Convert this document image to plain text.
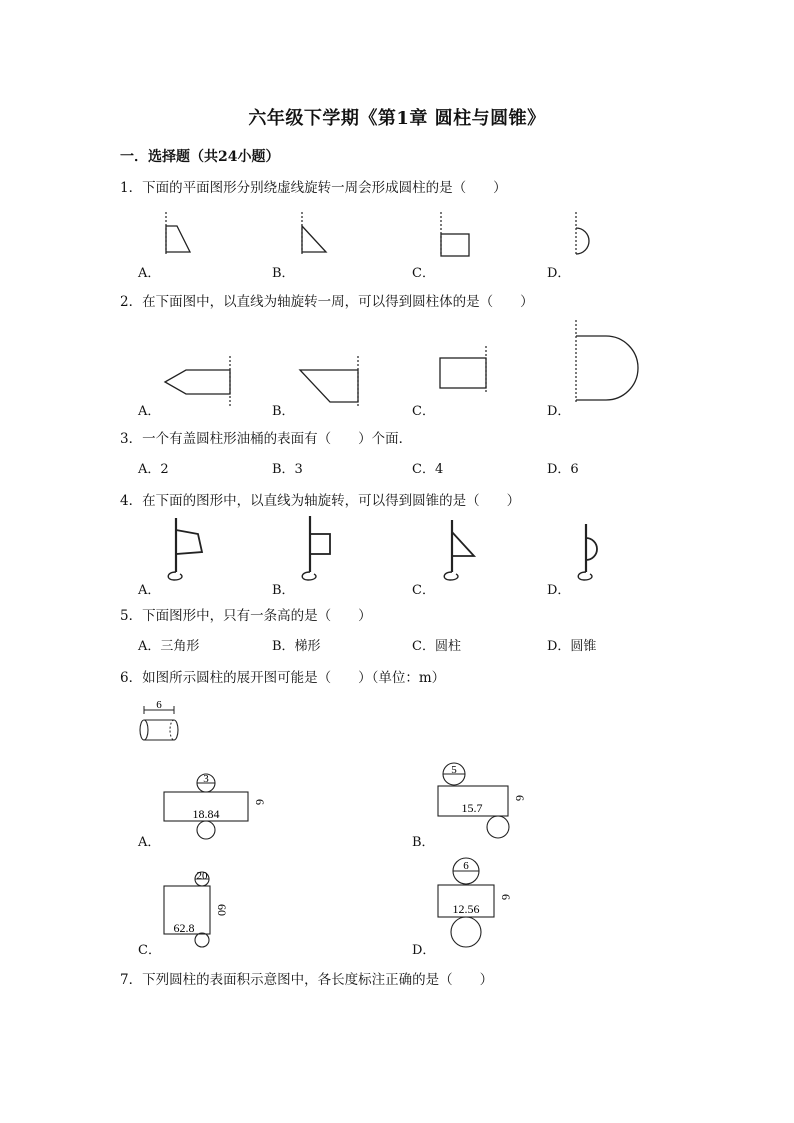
六年级下学期《第1章 圆柱与圆锥》
一．选择题（共24小题）
1．下面的平面图形分别绕虚线旋转一周会形成圆柱的是（　　）
A．	B．	C．	D．
2．在下面图中，以直线为轴旋转一周，可以得到圆柱体的是（　　）
A．	B．	C．	D．
3．一个有盖圆柱形油桶的表面有（　　）个面．
A．2	B．3	C．4	D．6
4．在下面的图形中，以直线为轴旋转，可以得到圆锥的是（　　）
A．	B．	C．	D．
5．下面图形中，只有一条高的是（　　）
A．三角形	B．梯形	C．圆柱	D．圆锥
6．如图所示圆柱的展开图可能是（　　）（单位：m）
6
3
18.84
6
5
15.7
6
20
62.8
60
6
12.56
6
A．	B．
C．	D．
7．下列圆柱的表面积示意图中，各长度标注正确的是（　　）
